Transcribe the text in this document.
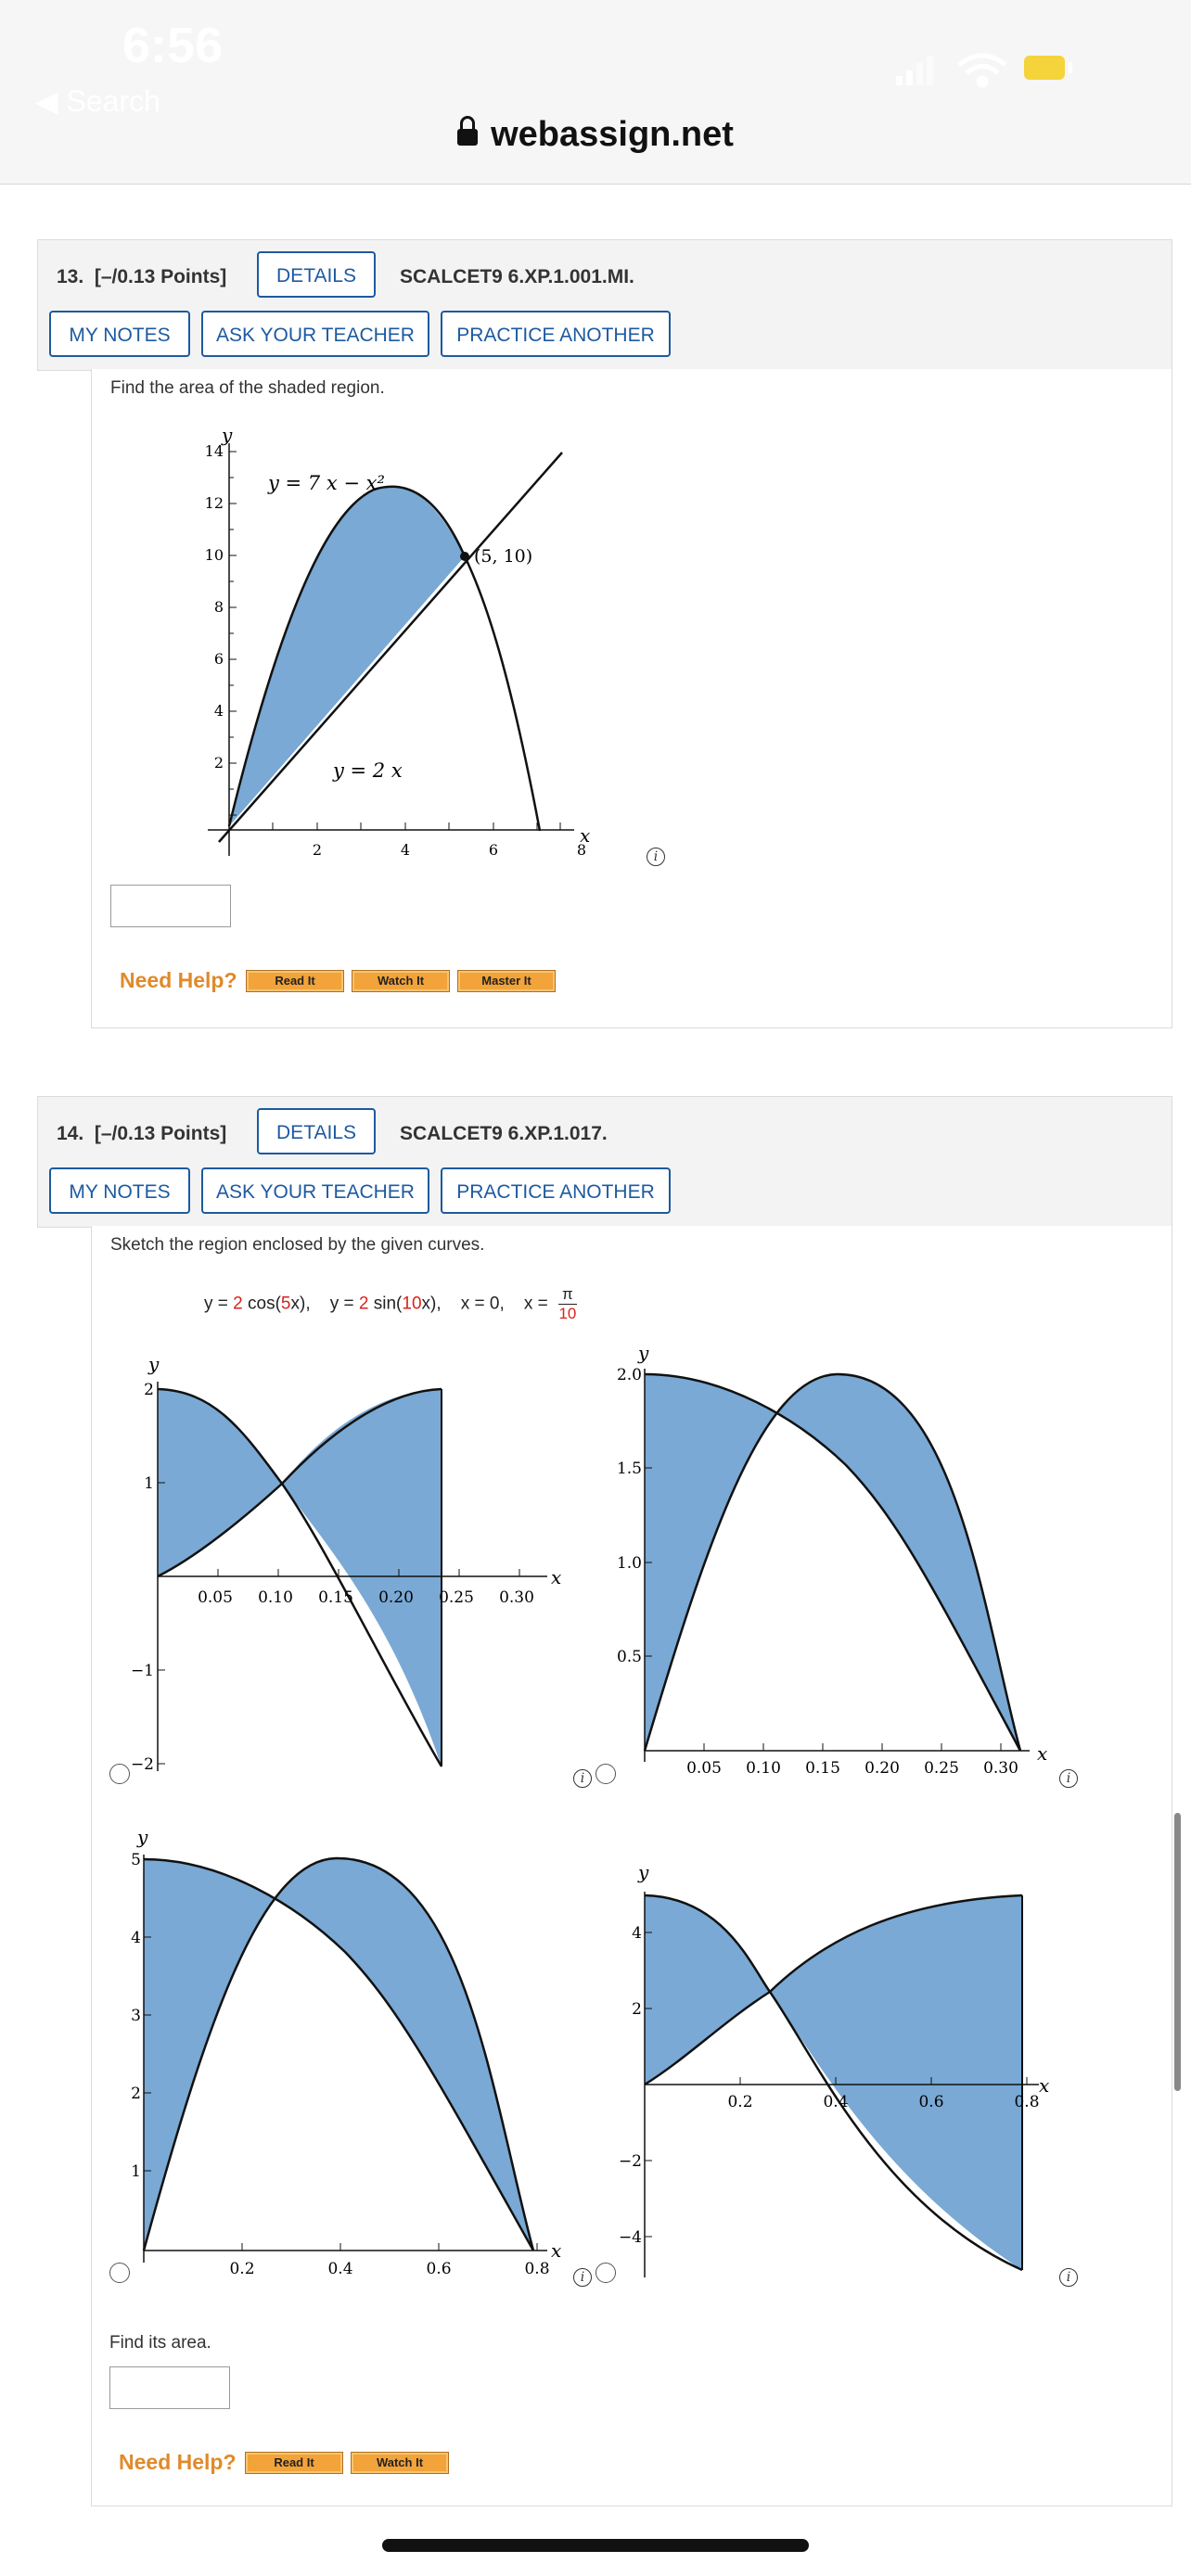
6:56
◀ Search
webassign.net
13. [–/0.13 Points]	DETAILS	SCALCET9 6.XP.1.001.MI.
MY NOTES	ASK YOUR TEACHER	PRACTICE ANOTHER
Find the area of the shaded region.
y
x
14
12
10
8
6
4
2
2	4	6	8
y = 7 x − x²
(5, 10)
y = 2 x
i
Need Help?	Read It	Watch It	Master It
14. [–/0.13 Points]	DETAILS	SCALCET9 6.XP.1.017.
MY NOTES	ASK YOUR TEACHER	PRACTICE ANOTHER
Sketch the region enclosed by the given curves.
y = 2 cos(5x), y = 2 sin(10x), x = 0, $x = \frac{\pi}{10}$
y
x
2
1
−1
−2
0.05 0.10 0.15 0.20 0.25 0.30
i
y
x
2.0
1.5
1.0
0.5
0.05 0.10 0.15 0.20 0.25 0.30
i
y
x
5
4
3
2
1
0.2	0.4	0.6	0.8	i
y
x
4
2
−2
−4
0.2	0.4	0.6	0.8
i
Find its area.
Need Help?	Read It	Watch It
